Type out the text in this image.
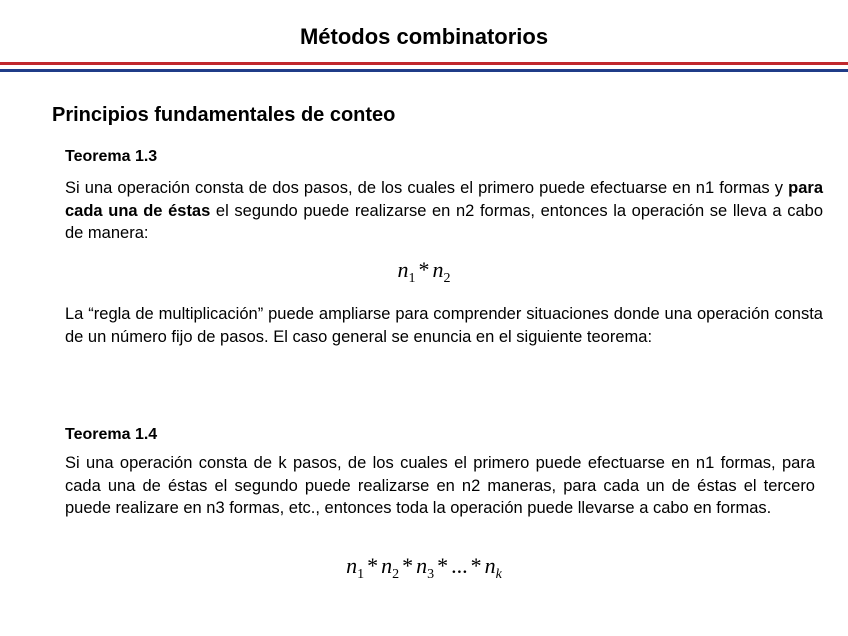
Métodos combinatorios
Principios fundamentales de conteo
Teorema 1.3

Si una operación consta de dos pasos, de los cuales el primero puede efectuarse en n1 formas y para cada una de éstas el segundo puede realizarse en n2 formas, entonces la operación se lleva a cabo de manera:

$n_1 * n_2$

La “regla de multiplicación” puede ampliarse para comprender situaciones donde una operación consta de un número fijo de pasos. El caso general se enuncia en el siguiente teorema:

Teorema 1.4

Si una operación consta de k pasos, de los cuales el primero puede efectuarse en n1 formas, para cada una de éstas el segundo puede realizarse en n2 maneras, para cada un de éstas el tercero puede realizare en n3 formas, etc., entonces toda la operación puede llevarse a cabo en formas.

$n_1 * n_2 * n_3$ * ... * $n_k$
